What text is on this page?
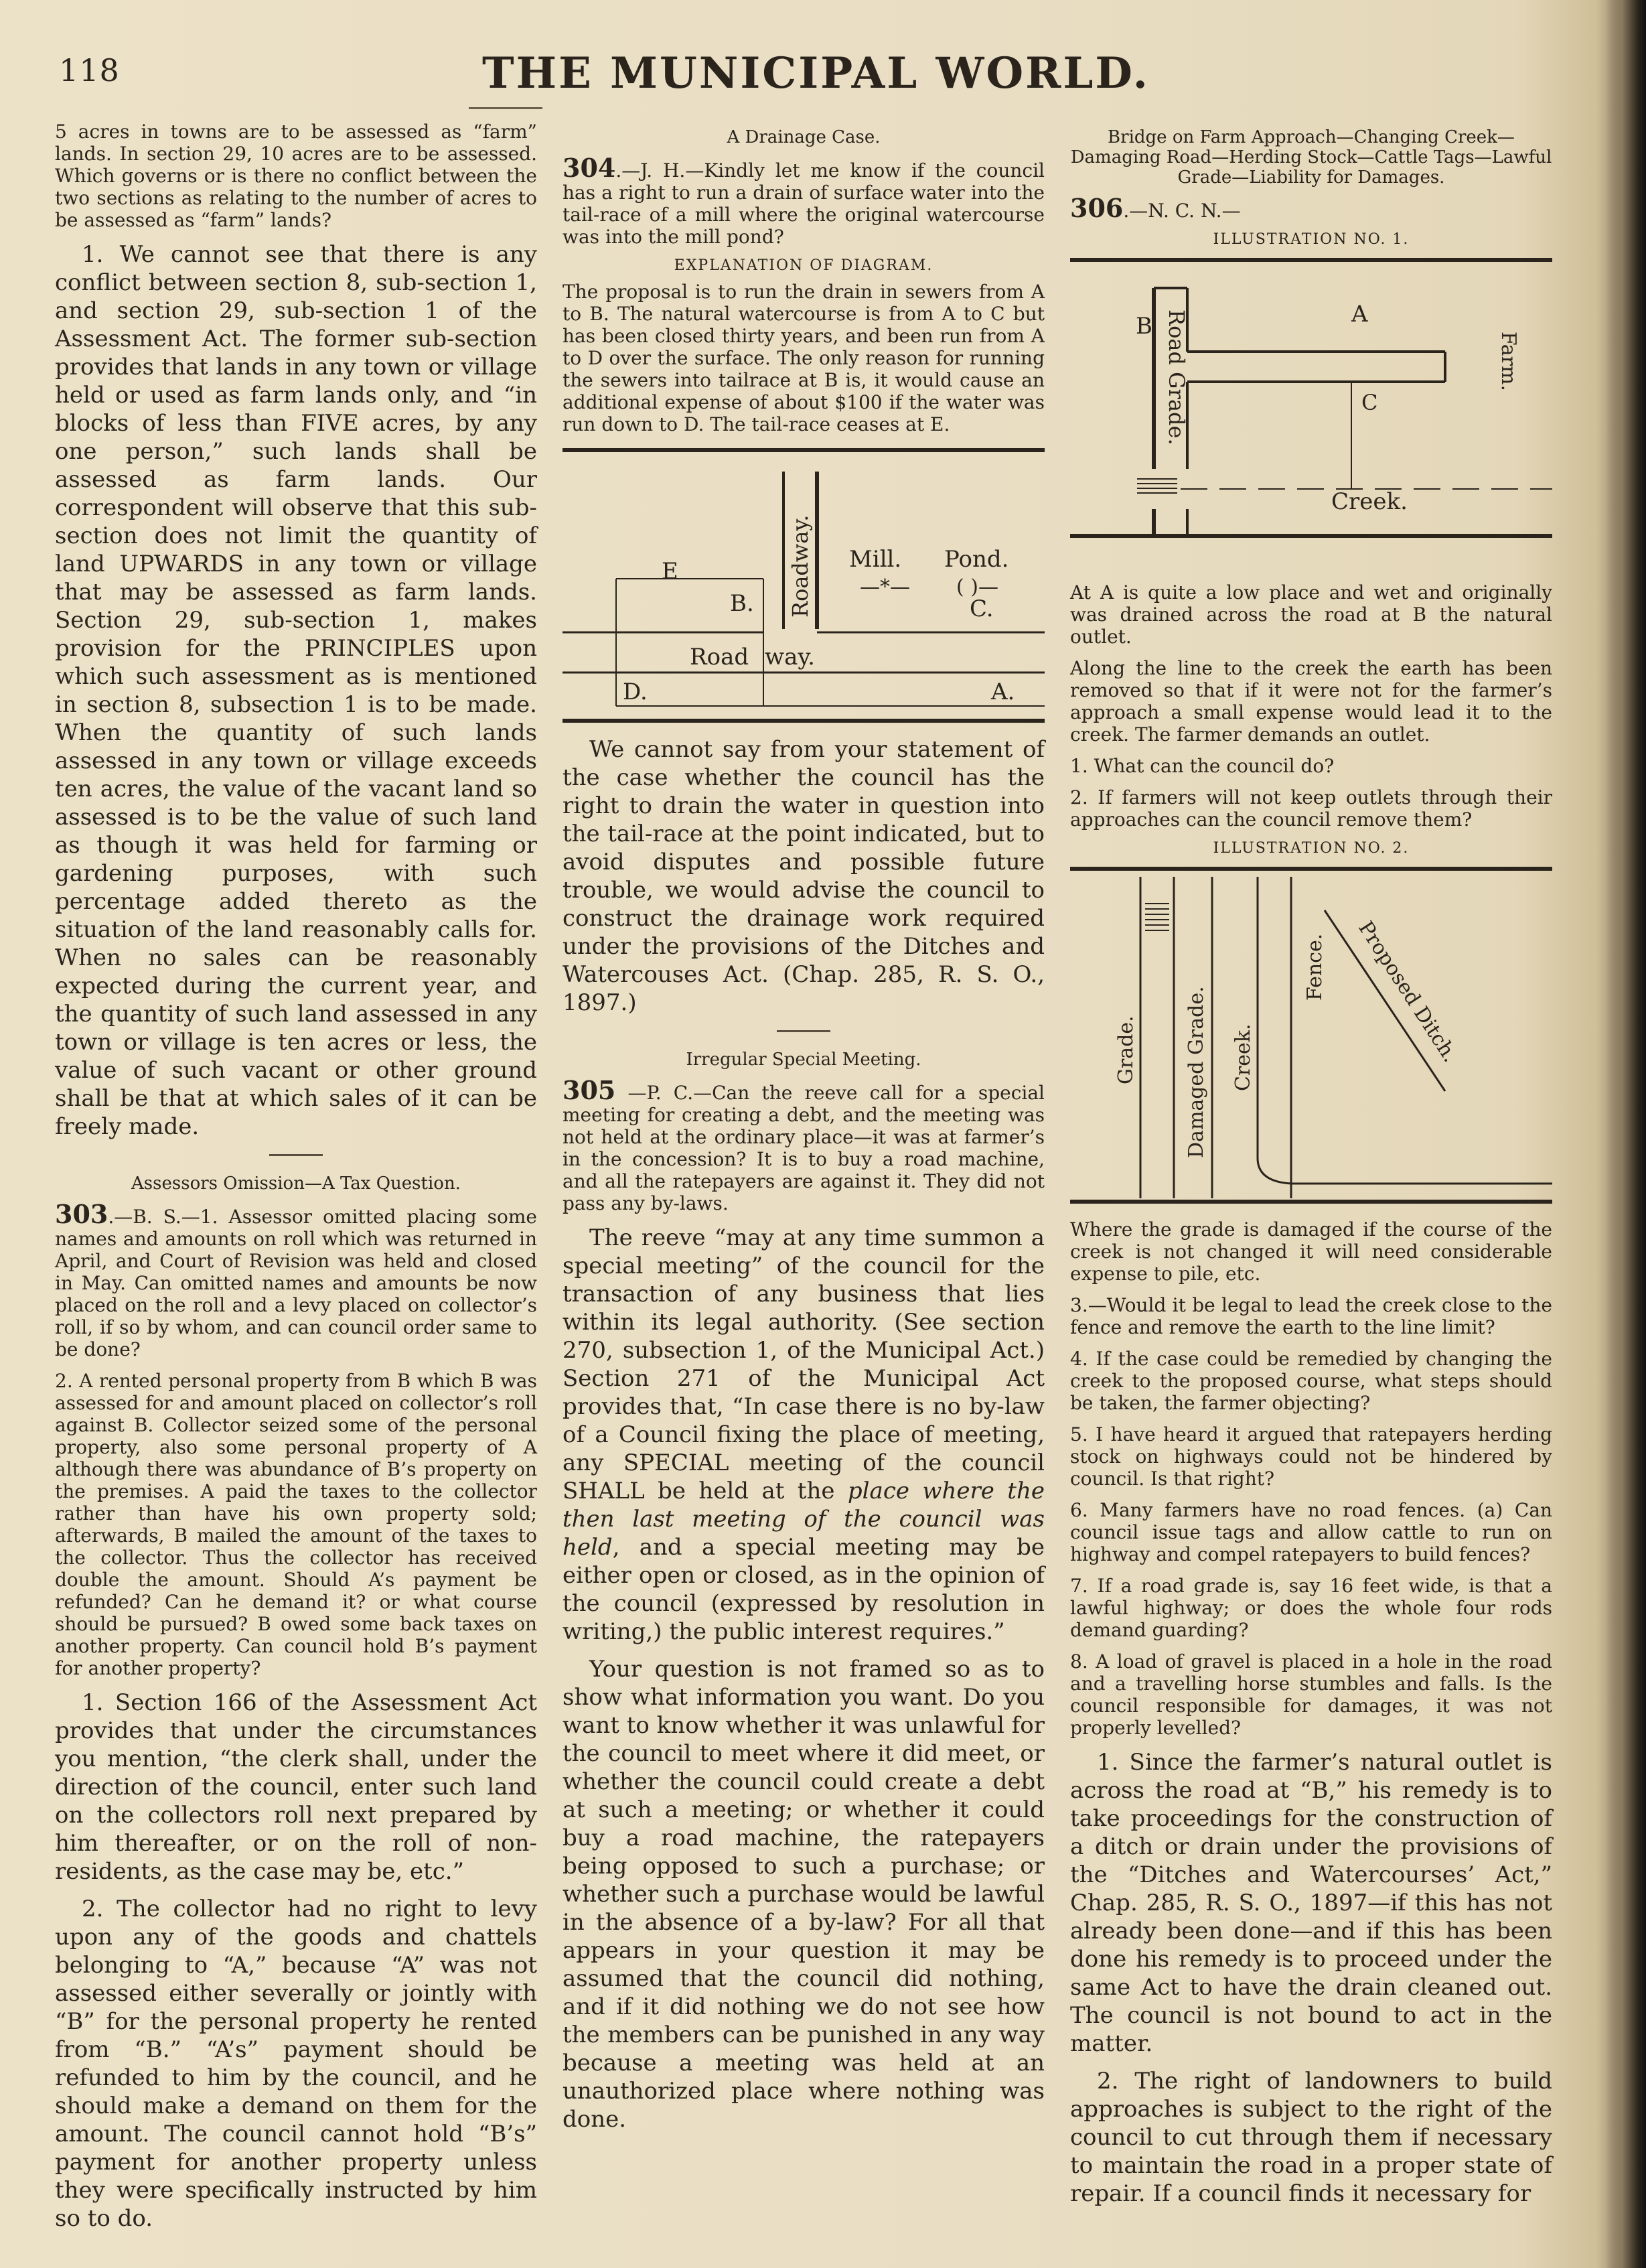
118	THE MUNICIPAL WORLD.

5 acres in towns are to be assessed as “farm” lands. In section 29, 10 acres are to be assessed. Which governs or is there no conflict between the two sections as relating to the number of acres to be assessed as “farm” lands?

1. We cannot see that there is any conflict between section 8, sub-section 1, and section 29, sub-section 1 of the Assessment Act. The former sub-section provides that lands in any town or village held or used as farm lands only, and “in blocks of less than FIVE acres, by any one person,” such lands shall be assessed as farm lands. Our correspondent will observe that this sub-section does not limit the quantity of land UPWARDS in any town or village that may be assessed as farm lands. Section 29, sub-section 1, makes provision for the PRINCIPLES upon which such assessment as is mentioned in section 8, subsection 1 is to be made. When the quantity of such lands assessed in any town or village exceeds ten acres, the value of the vacant land so assessed is to be the value of such land as though it was held for farming or gardening purposes, with such percentage added thereto as the situation of the land reasonably calls for. When no sales can be reasonably expected during the current year, and the quantity of such land assessed in any town or village is ten acres or less, the value of such vacant or other ground shall be that at which sales of it can be freely made.

Assessors Omission—A Tax Question.

303.—B. S.—1. Assessor omitted placing some names and amounts on roll which was returned in April, and Court of Revision was held and closed in May. Can omitted names and amounts be now placed on the roll and a levy placed on collector’s roll, if so by whom, and can council order same to be done?

2. A rented personal property from B which B was assessed for and amount placed on collector’s roll against B. Collector seized some of the personal property, also some personal property of A although there was abundance of B’s property on the premises. A paid the taxes to the collector rather than have his own property sold; afterwards, B mailed the amount of the taxes to the collector. Thus the collector has received double the amount. Should A’s payment be refunded? Can he demand it? or what course should be pursued? B owed some back taxes on another property. Can council hold B’s payment for another property?

1. Section 166 of the Assessment Act provides that under the circumstances you mention, “the clerk shall, under the direction of the council, enter such land on the collectors roll next prepared by him thereafter, or on the roll of non-residents, as the case may be, etc.”

2. The collector had no right to levy upon any of the goods and chattels belonging to “A,” because “A” was not assessed either severally or jointly with “B” for the personal property he rented from “B.” “A’s” payment should be refunded to him by the council, and he should make a demand on them for the amount. The council cannot hold “B’s” payment for another property unless they were specifically instructed by him so to do.

A Drainage Case.

304.—J. H.—Kindly let me know if the council has a right to run a drain of surface water into the tail-race of a mill where the original watercourse was into the mill pond?

EXPLANATION OF DIAGRAM.

The proposal is to run the drain in sewers from A to B. The natural watercourse is from A to C but has been closed thirty years, and been run from A to D over the surface. The only reason for running the sewers into tailrace at B is, it would cause an additional expense of about $100 if the water was run down to D. The tail-race ceases at E.

E
B. Roadway. Mill. Pond.
—*— ( )—
C.
Road way.
D.	A.

We cannot say from your statement of the case whether the council has the right to drain the water in question into the tail-race at the point indicated, but to avoid disputes and possible future trouble, we would advise the council to construct the drainage work required under the provisions of the Ditches and Watercouses Act. (Chap. 285, R. S. O., 1897.)

Irregular Special Meeting.

305 —P. C.—Can the reeve call for a special meeting for creating a debt, and the meeting was not held at the ordinary place—it was at farmer’s in the concession? It is to buy a road machine, and all the ratepayers are against it. They did not pass any by-laws.

The reeve “may at any time summon a special meeting” of the council for the transaction of any business that lies within its legal authority. (See section 270, subsection 1, of the Municipal Act.) Section 271 of the Municipal Act provides that, “In case there is no by-law of a Council fixing the place of meeting, any SPECIAL meeting of the council SHALL be held at the place where the then last meeting of the council was held, and a special meeting may be either open or closed, as in the opinion of the council (expressed by resolution in writing,) the public interest requires.”

Your question is not framed so as to show what information you want. Do you want to know whether it was unlawful for the council to meet where it did meet, or whether the council could create a debt at such a meeting; or whether it could buy a road machine, the ratepayers being opposed to such a purchase; or whether such a purchase would be lawful in the absence of a by-law? For all that appears in your question it may be assumed that the council did nothing, and if it did nothing we do not see how the members can be punished in any way because a meeting was held at an unauthorized place where nothing was done.

Bridge on Farm Approach—Changing Creek—Damaging Road—Herding Stock—Cattle Tags—Lawful Grade—Liability for Damages.

306.—N. C. N.—

ILLUSTRATION NO. 1.
B Road Grade.	A
Farm.
C
Creek.

At A is quite a low place and wet and originally was drained across the road at B the natural outlet.

Along the line to the creek the earth has been removed so that if it were not for the farmer’s approach a small expense would lead it to the creek. The farmer demands an outlet.

1. What can the council do?

2. If farmers will not keep outlets through their approaches can the council remove them?

ILLUSTRATION NO. 2.
Grade. Damaged Grade. Creek.
Fence. Proposed Ditch.

Where the grade is damaged if the course of the creek is not changed it will need considerable expense to pile, etc.

3.—Would it be legal to lead the creek close to the fence and remove the earth to the line limit?

4. If the case could be remedied by changing the creek to the proposed course, what steps should be taken, the farmer objecting?

5. I have heard it argued that ratepayers herding stock on highways could not be hindered by council. Is that right?

6. Many farmers have no road fences. (a) Can council issue tags and allow cattle to run on highway and compel ratepayers to build fences?

7. If a road grade is, say 16 feet wide, is that a lawful highway; or does the whole four rods demand guarding?

8. A load of gravel is placed in a hole in the road and a travelling horse stumbles and falls. Is the council responsible for damages, it was not properly levelled?

1. Since the farmer’s natural outlet is across the road at “B,” his remedy is to take proceedings for the construction of a ditch or drain under the provisions of the “Ditches and Watercourses’ Act,” Chap. 285, R. S. O., 1897—if this has not already been done—and if this has been done his remedy is to proceed under the same Act to have the drain cleaned out. The council is not bound to act in the matter.

2. The right of landowners to build approaches is subject to the right of the council to cut through them if necessary to maintain the road in a proper state of repair. If a council finds it necessary for
